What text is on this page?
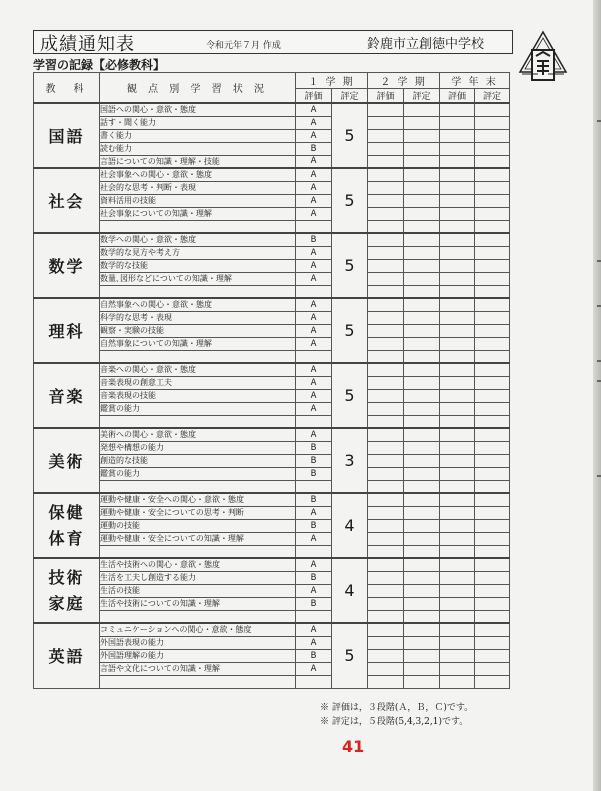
成績通知表	令和元年７月 作成	鈴鹿市立創徳中学校
学習の記録【必修教科】
教　科	観 点 別 学 習 状 況	１ 学 期		２ 学 期		学 年 末	
		評価	評定	評価	評定	評価	評定
国語	国語への関心・意欲・態度	A	5				
	話す・聞く能力	A					
	書く能力	A					
	読む能力	B					
	言語についての知識・理解・技能	A					
社会	社会事象への関心・意欲・態度	A	5				
	社会的な思考・判断・表現	A					
	資料活用の技能	A					
	社会事象についての知識・理解	A					

数学	数学への関心・意欲・態度	B	5				
	数学的な見方や考え方	A					
	数学的な技能	A					
	数量､図形などについての知識・理解	A					

理科	自然事象への関心・意欲・態度	A	5				
	科学的な思考・表現	A					
	観察・実験の技能	A					
	自然事象についての知識・理解	A					

音楽	音楽への関心・意欲・態度	A	5				
	音楽表現の創意工夫	A					
	音楽表現の技能	A					
	鑑賞の能力	A					

美術	美術への関心・意欲・態度	A	3				
	発想や構想の能力	B					
	創造的な技能	B					
	鑑賞の能力	B					

保健
体育	運動や健康・安全への関心・意欲・態度	B	4				
	運動や健康・安全についての思考・判断	A					
	運動の技能	B					
	運動や健康・安全についての知識・理解	A					

技術
家庭	生活や技術への関心・意欲・態度	A	4				
	生活を工夫し創造する能力	B					
	生活の技能	A					
	生活や技術についての知識・理解	B					

英語	コミュニケーションへの関心・意欲・態度	A	5				
	外国語表現の能力	A					
	外国語理解の能力	B					
	言語や文化についての知識・理解	A					

※ 評価は，３段階(Ａ，Ｂ，Ｃ)です。
※ 評定は，５段階(5,4,3,2,1)です。
41
